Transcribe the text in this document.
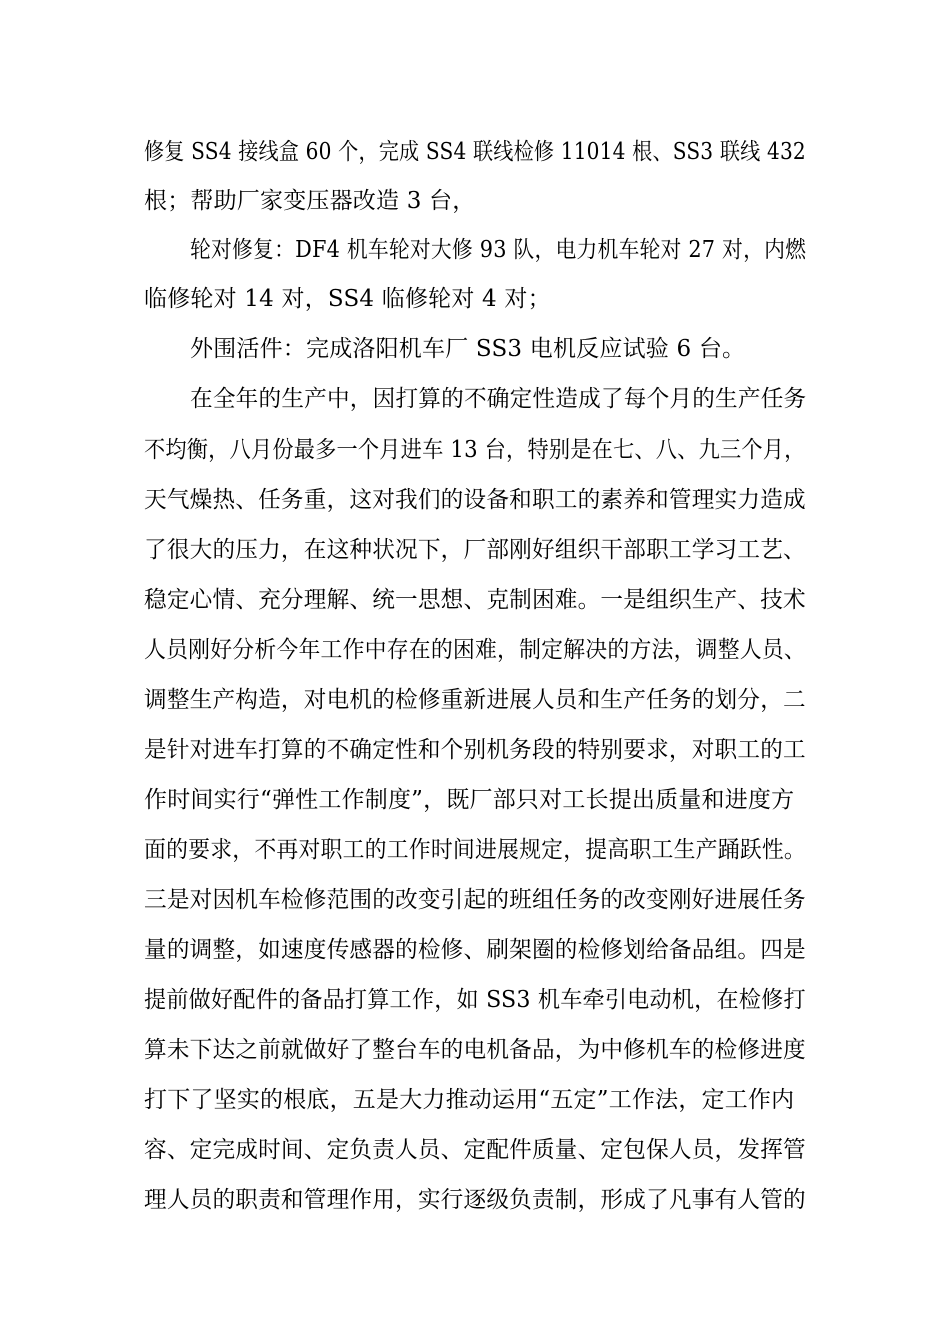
修复 SS4 接线盒 60 个，完成 SS4 联线检修 11014 根、SS3 联线 432
根；帮助厂家变压器改造 3 台，
轮对修复：DF4 机车轮对大修 93 队，电力机车轮对 27 对，内燃
临修轮对 14 对，SS4 临修轮对 4 对；
外围活件：完成洛阳机车厂 SS3 电机反应试验 6 台。
在全年的生产中，因打算的不确定性造成了每个月的生产任务
不均衡，八月份最多一个月进车 13 台，特别是在七、八、九三个月，
天气燥热、任务重，这对我们的设备和职工的素养和管理实力造成
了很大的压力，在这种状况下，厂部刚好组织干部职工学习工艺、
稳定心情、充分理解、统一思想、克制困难。一是组织生产、技术
人员刚好分析今年工作中存在的困难，制定解决的方法，调整人员、
调整生产构造，对电机的检修重新进展人员和生产任务的划分，二
是针对进车打算的不确定性和个别机务段的特别要求，对职工的工
作时间实行“弹性工作制度”，既厂部只对工长提出质量和进度方
面的要求，不再对职工的工作时间进展规定，提高职工生产踊跃性。
三是对因机车检修范围的改变引起的班组任务的改变刚好进展任务
量的调整，如速度传感器的检修、刷架圈的检修划给备品组。四是
提前做好配件的备品打算工作，如 SS3 机车牵引电动机，在检修打
算未下达之前就做好了整台车的电机备品，为中修机车的检修进度
打下了坚实的根底，五是大力推动运用“五定”工作法，定工作内
容、定完成时间、定负责人员、定配件质量、定包保人员，发挥管
理人员的职责和管理作用，实行逐级负责制，形成了凡事有人管的
